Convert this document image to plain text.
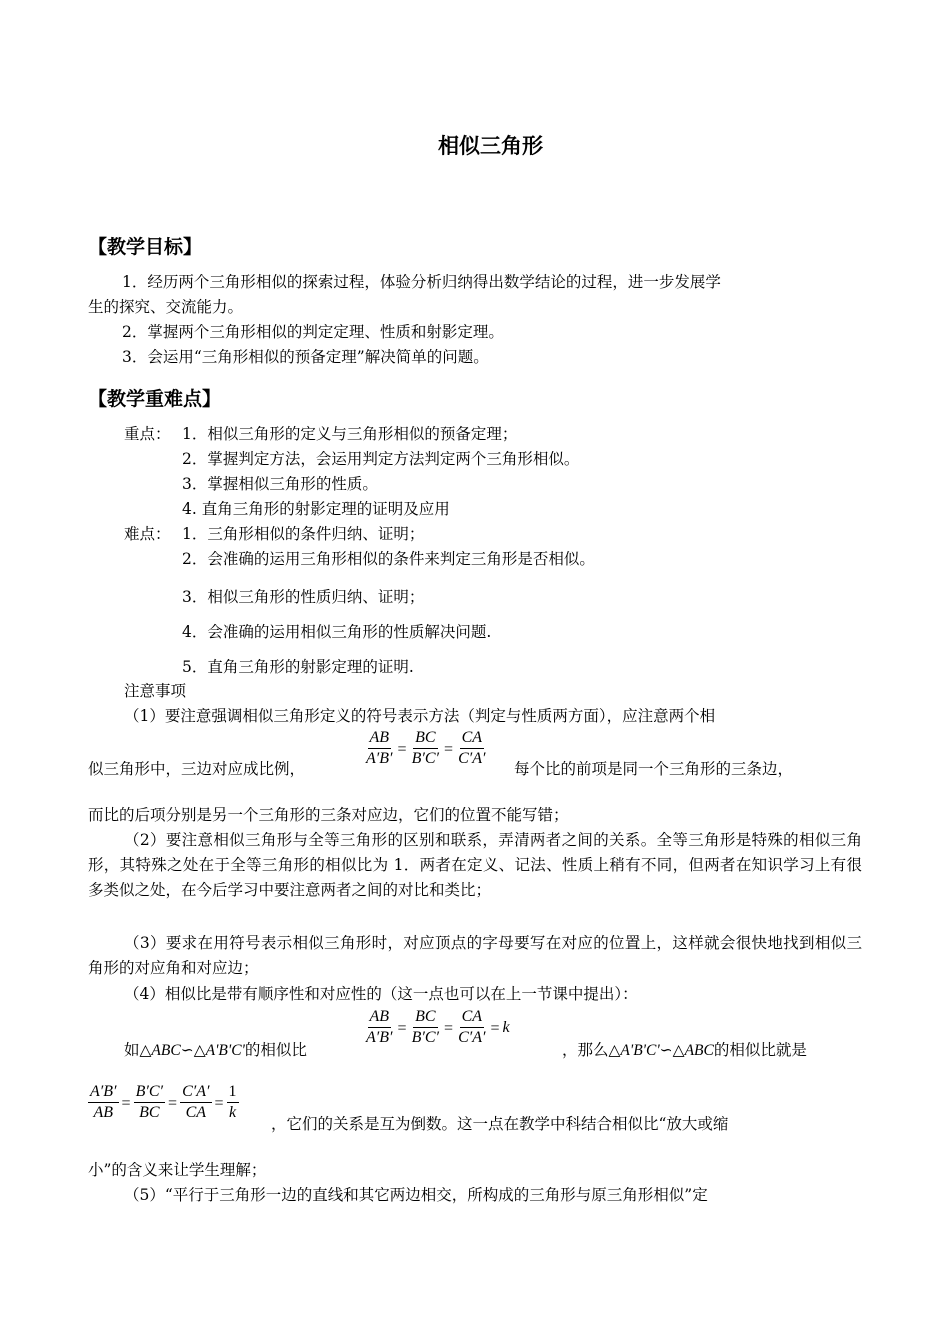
相似三角形
【教学目标】
1．经历两个三角形相似的探索过程，体验分析归纳得出数学结论的过程，进一步发展学
生的探究、交流能力。
2．掌握两个三角形相似的判定定理、性质和射影定理。
3．会运用“三角形相似的预备定理”解决简单的问题。
【教学重难点】
重点： 1．相似三角形的定义与三角形相似的预备定理；
2．掌握判定方法，会运用判定方法判定两个三角形相似。
3．掌握相似三角形的性质。
4. 直角三角形的射影定理的证明及应用
难点： 1．三角形相似的条件归纳、证明；
2．会准确的运用三角形相似的条件来判定三角形是否相似。
3．相似三角形的性质归纳、证明；
4．会准确的运用相似三角形的性质解决问题.
5．直角三角形的射影定理的证明.
注意事项
（1）要注意强调相似三角形定义的符号表示方法（判定与性质两方面），应注意两个相
似三角形中，三边对应成比例，	$\frac{AB}{A'B'} = \frac{BC}{B'C'} = \frac{CA}{C'A'}$ 每个比的前项是同一个三角形的三条边，
而比的后项分别是另一个三角形的三条对应边，它们的位置不能写错；
（2）要注意相似三角形与全等三角形的区别和联系，弄清两者之间的关系。全等三角形是特殊的相似三角形，其特殊之处在于全等三角形的相似比为 1．两者在定义、记法、性质上稍有不同，但两者在知识学习上有很多类似之处，在今后学习中要注意两者之间的对比和类比；
（3）要求在用符号表示相似三角形时，对应顶点的字母要写在对应的位置上，这样就会很快地找到相似三角形的对应角和对应边；
（4）相似比是带有顺序性和对应性的（这一点也可以在上一节课中提出）：
如△ABC∽△A'B'C'的相似比
$\frac{AB}{A'B'} = \frac{BC}{B'C'} = \frac{CA}{C'A'} = k$
，那么△A'B'C'∽△ABC的相似比就是
$\frac{A'B'}{AB} = \frac{B'C'}{BC} = \frac{C'A'}{CA} = \frac{1}{k}$
，它们的关系是互为倒数。这一点在教学中科结合相似比“放大或缩
小”的含义来让学生理解；
（5）“平行于三角形一边的直线和其它两边相交，所构成的三角形与原三角形相似”定
